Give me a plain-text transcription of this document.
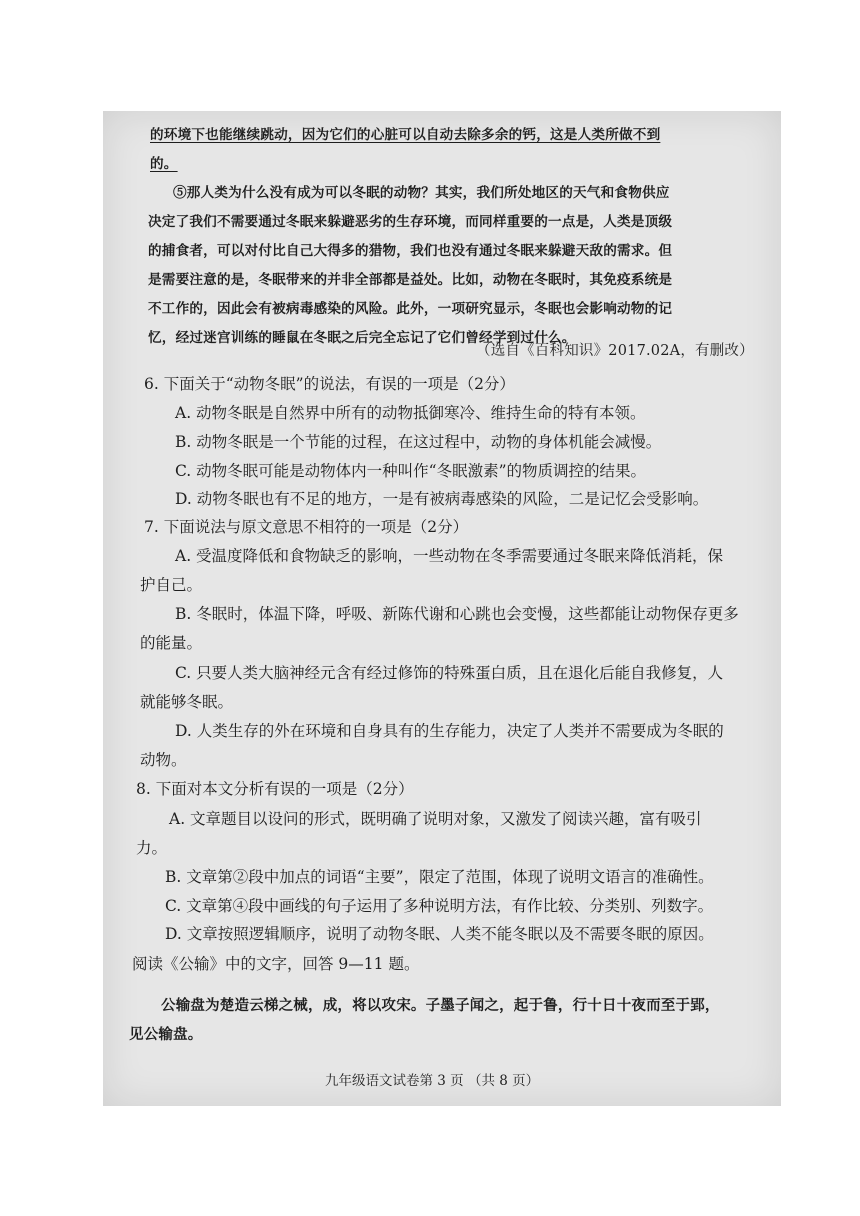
的环境下也能继续跳动，因为它们的心脏可以自动去除多余的钙，这是人类所做不到
的。
⑤那人类为什么没有成为可以冬眠的动物？其实，我们所处地区的天气和食物供应
决定了我们不需要通过冬眠来躲避恶劣的生存环境，而同样重要的一点是，人类是顶级
的捕食者，可以对付比自己大得多的猎物，我们也没有通过冬眠来躲避天敌的需求。但
是需要注意的是，冬眠带来的并非全部都是益处。比如，动物在冬眠时，其免疫系统是
不工作的，因此会有被病毒感染的风险。此外，一项研究显示，冬眠也会影响动物的记
忆，经过迷宫训练的睡鼠在冬眠之后完全忘记了它们曾经学到过什么。
（选自《百科知识》2017.02A，有删改）
6. 下面关于“动物冬眠”的说法，有误的一项是（2分）
A. 动物冬眠是自然界中所有的动物抵御寒冷、维持生命的特有本领。
B. 动物冬眠是一个节能的过程，在这过程中，动物的身体机能会减慢。
C. 动物冬眠可能是动物体内一种叫作“冬眠激素”的物质调控的结果。
D. 动物冬眠也有不足的地方，一是有被病毒感染的风险，二是记忆会受影响。
7. 下面说法与原文意思不相符的一项是（2分）
A. 受温度降低和食物缺乏的影响，一些动物在冬季需要通过冬眠来降低消耗，保
护自己。
B. 冬眠时，体温下降，呼吸、新陈代谢和心跳也会变慢，这些都能让动物保存更多
的能量。
C. 只要人类大脑神经元含有经过修饰的特殊蛋白质，且在退化后能自我修复，人
就能够冬眠。
D. 人类生存的外在环境和自身具有的生存能力，决定了人类并不需要成为冬眠的
动物。
8. 下面对本文分析有误的一项是（2分）
A. 文章题目以设问的形式，既明确了说明对象，又激发了阅读兴趣，富有吸引
力。
B. 文章第②段中加点的词语“主要”，限定了范围，体现了说明文语言的准确性。
C. 文章第④段中画线的句子运用了多种说明方法，有作比较、分类别、列数字。
D. 文章按照逻辑顺序，说明了动物冬眠、人类不能冬眠以及不需要冬眠的原因。
阅读《公输》中的文字，回答 9—11 题。
公输盘为楚造云梯之械，成，将以攻宋。子墨子闻之，起于鲁，行十日十夜而至于郢，
见公输盘。
九年级语文试卷第 3 页 （共 8 页）
